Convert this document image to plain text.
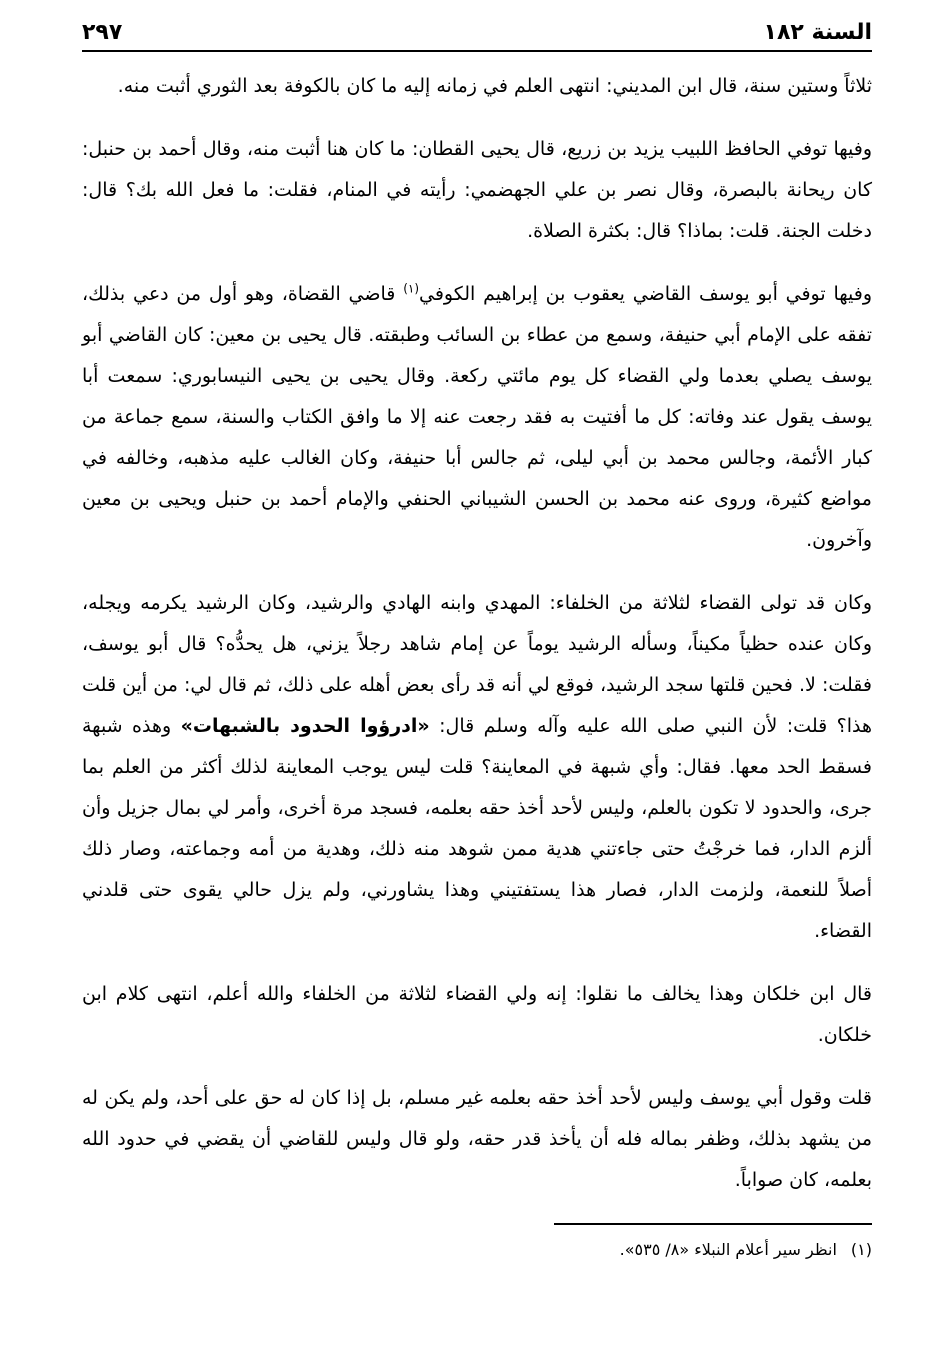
السنة ١٨٢
٢٩٧

ثلاثاً وستين سنة، قال ابن المديني: انتهى العلم في زمانه إليه ما كان بالكوفة بعد الثوري أثبت منه.

وفيها توفي الحافظ اللبيب يزيد بن زريع، قال يحيى القطان: ما كان هنا أثبت منه، وقال أحمد بن حنبل: كان ريحانة بالبصرة، وقال نصر بن علي الجهضمي: رأيته في المنام، فقلت: ما فعل الله بك؟ قال: دخلت الجنة. قلت: بماذا؟ قال: بكثرة الصلاة.

وفيها توفي أبو يوسف القاضي يعقوب بن إبراهيم الكوفي$^{(١)}$ قاضي القضاة، وهو أول من دعي بذلك، تفقه على الإمام أبي حنيفة، وسمع من عطاء بن السائب وطبقته. قال يحيى بن معين: كان القاضي أبو يوسف يصلي بعدما ولي القضاء كل يوم مائتي ركعة. وقال يحيى بن يحيى النيسابوري: سمعت أبا يوسف يقول عند وفاته: كل ما أفتيت به فقد رجعت عنه إلا ما وافق الكتاب والسنة، سمع جماعة من كبار الأئمة، وجالس محمد بن أبي ليلى، ثم جالس أبا حنيفة، وكان الغالب عليه مذهبه، وخالفه في مواضع كثيرة، وروى عنه محمد بن الحسن الشيباني الحنفي والإمام أحمد بن حنبل ويحيى بن معين وآخرون.

وكان قد تولى القضاء لثلاثة من الخلفاء: المهدي وابنه الهادي والرشيد، وكان الرشيد يكرمه ويجله، وكان عنده حظياً مكيناً، وسأله الرشيد يوماً عن إمام شاهد رجلاً يزني، هل يحدُّه؟ قال أبو يوسف، فقلت: لا. فحين قلتها سجد الرشيد، فوقع لي أنه قد رأى بعض أهله على ذلك، ثم قال لي: من أين قلت هذا؟ قلت: لأن النبي صلى الله عليه وآله وسلم قال: «ادرؤوا الحدود بالشبهات» وهذه شبهة فسقط الحد معها. فقال: وأي شبهة في المعاينة؟ قلت ليس يوجب المعاينة لذلك أكثر من العلم بما جرى، والحدود لا تكون بالعلم، وليس لأحد أخذ حقه بعلمه، فسجد مرة أخرى، وأمر لي بمال جزيل وأن ألزم الدار، فما خرجْتُ حتى جاءتني هدية ممن شوهد منه ذلك، وهدية من أمه وجماعته، وصار ذلك أصلاً للنعمة، ولزمت الدار، فصار هذا يستفتيني وهذا يشاورني، ولم يزل حالي يقوى حتى قلدني القضاء.

قال ابن خلكان وهذا يخالف ما نقلوا: إنه ولي القضاء لثلاثة من الخلفاء والله أعلم، انتهى كلام ابن خلكان.

قلت وقول أبي يوسف وليس لأحد أخذ حقه بعلمه غير مسلم، بل إذا كان له حق على أحد، ولم يكن له من يشهد بذلك، وظفر بماله فله أن يأخذ قدر حقه، ولو قال وليس للقاضي أن يقضي في حدود الله بعلمه، كان صواباً.

(١)انظر سير أعلام النبلاء «٨/ ٥٣٥».
